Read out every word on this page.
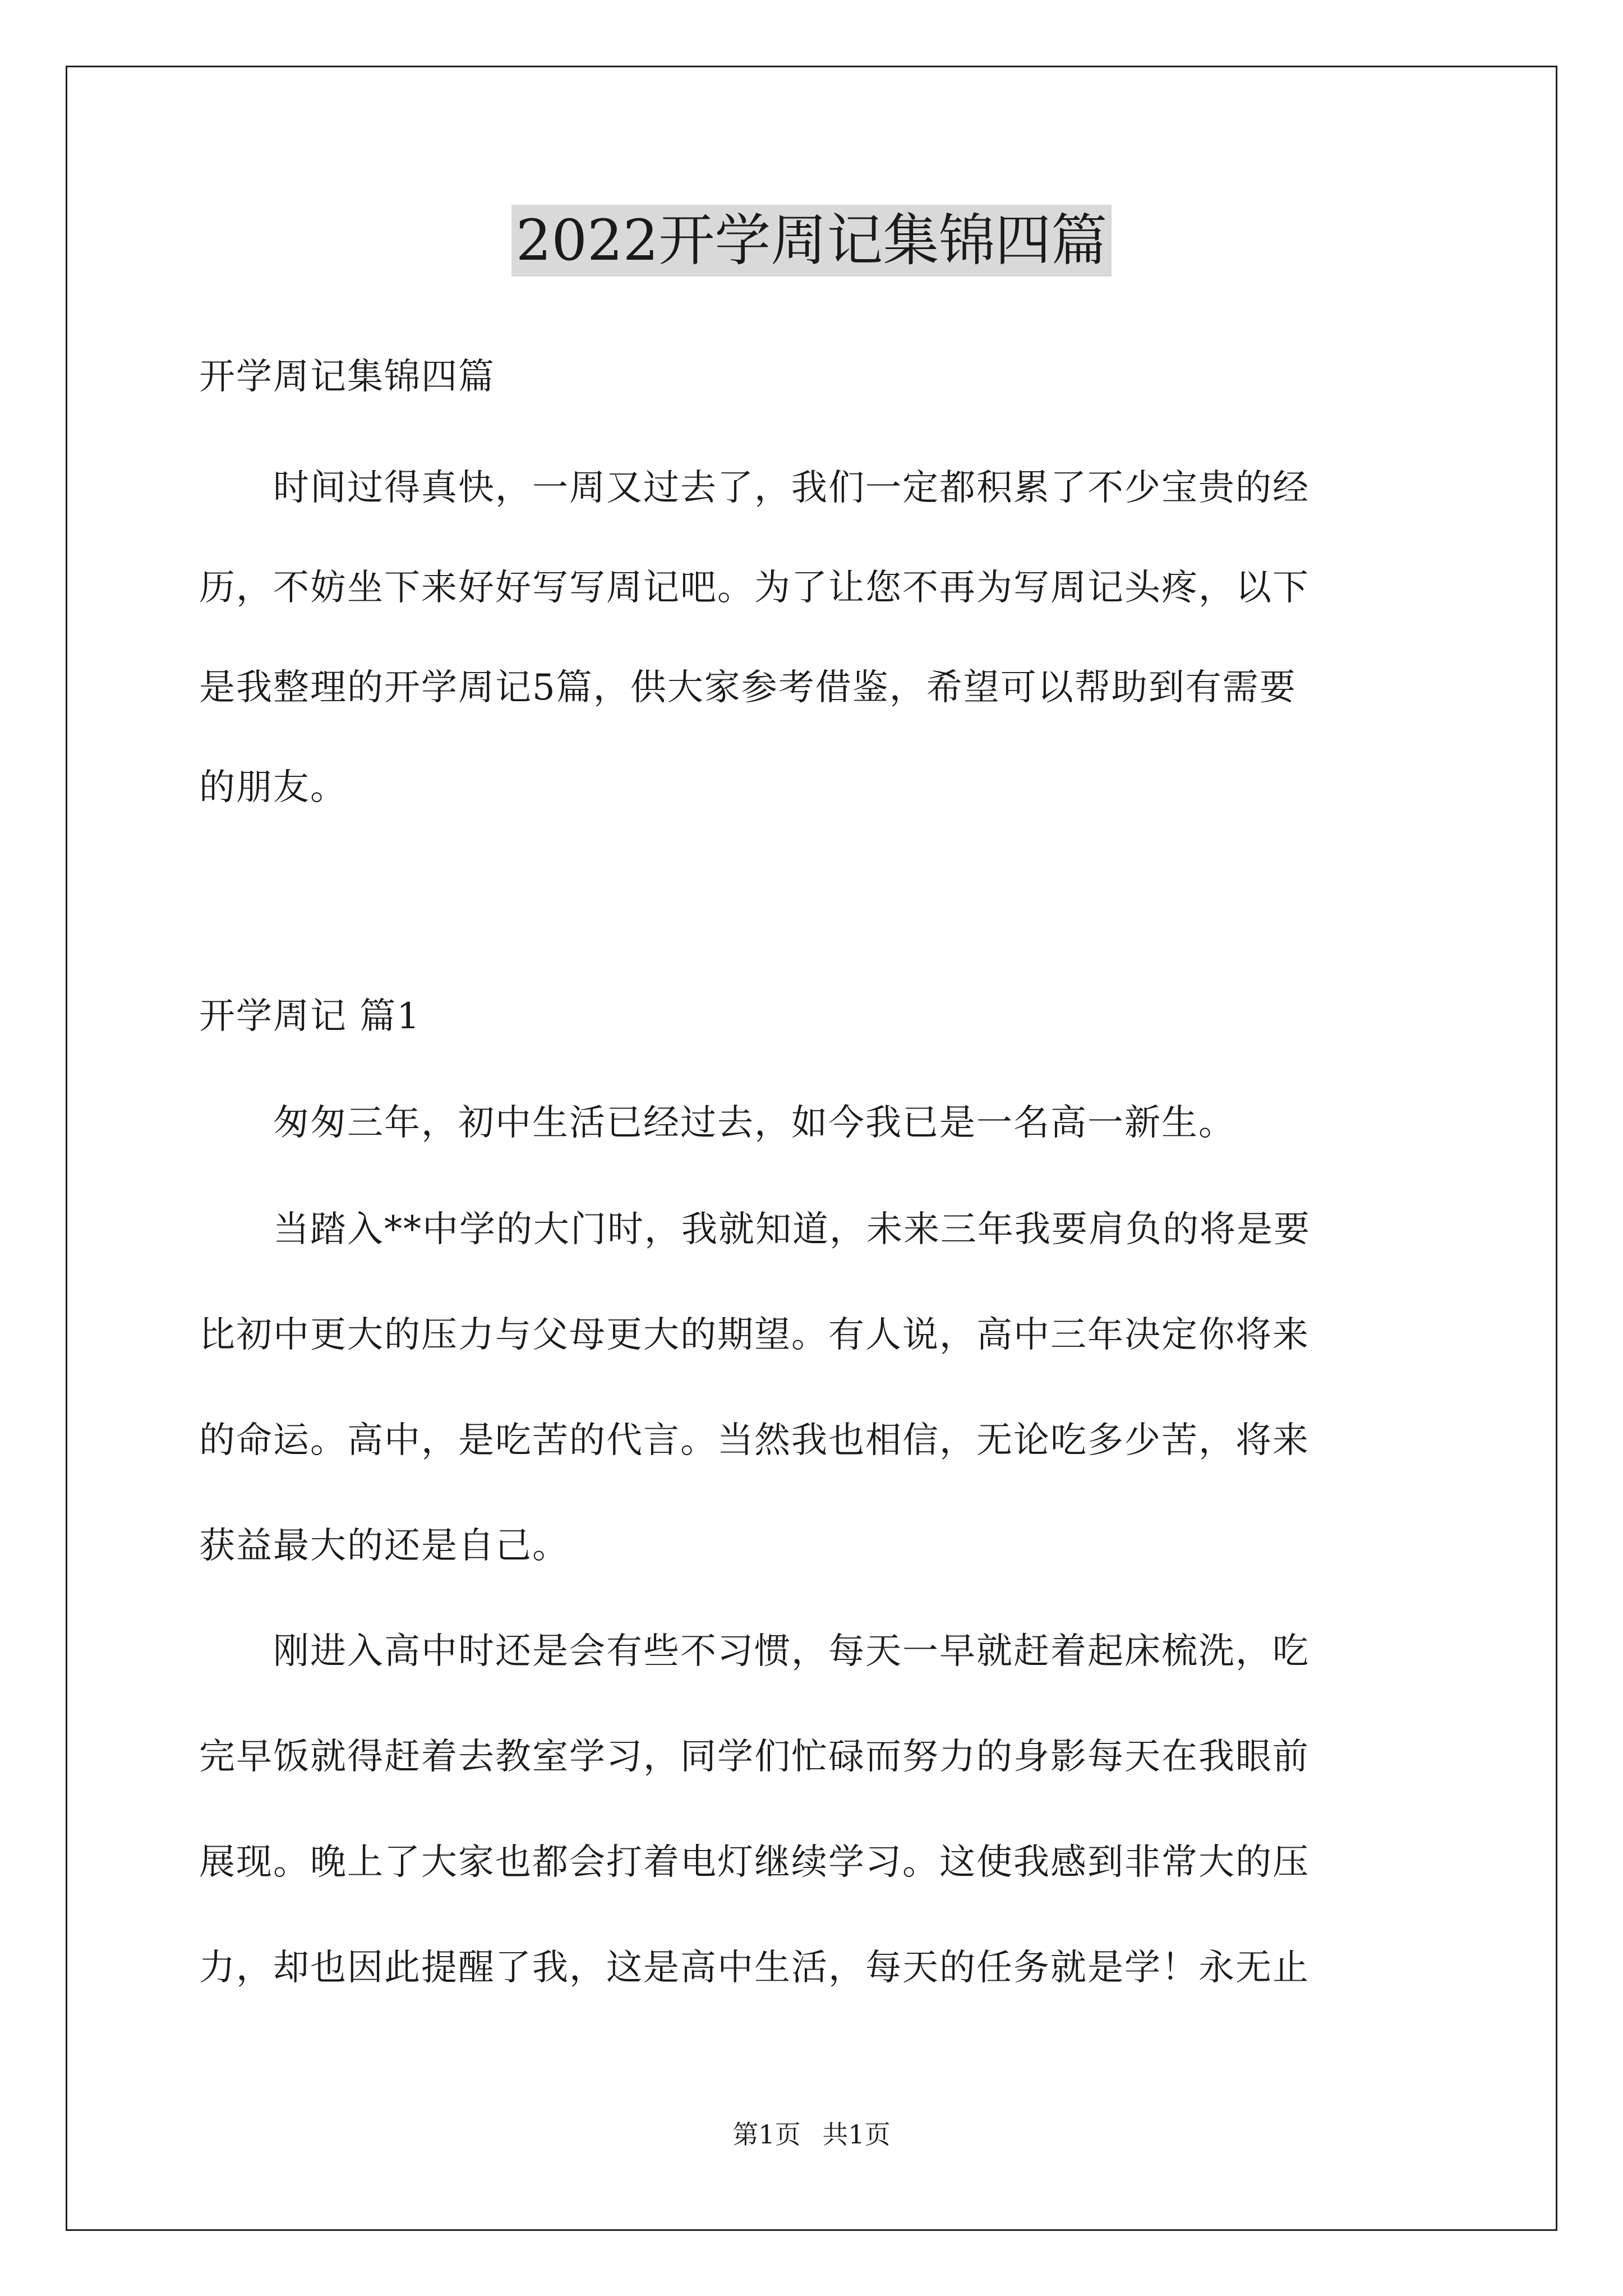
2022开学周记集锦四篇
开学周记集锦四篇
　　时间过得真快，一周又过去了，我们一定都积累了不少宝贵的经
历，不妨坐下来好好写写周记吧。为了让您不再为写周记头疼，以下
是我整理的开学周记5篇，供大家参考借鉴，希望可以帮助到有需要
的朋友。
开学周记 篇1
　　匆匆三年，初中生活已经过去，如今我已是一名高一新生。
　　当踏入**中学的大门时，我就知道，未来三年我要肩负的将是要
比初中更大的压力与父母更大的期望。有人说，高中三年决定你将来
的命运。高中，是吃苦的代言。当然我也相信，无论吃多少苦，将来
获益最大的还是自己。
　　刚进入高中时还是会有些不习惯，每天一早就赶着起床梳洗，吃
完早饭就得赶着去教室学习，同学们忙碌而努力的身影每天在我眼前
展现。晚上了大家也都会打着电灯继续学习。这使我感到非常大的压
力，却也因此提醒了我，这是高中生活，每天的任务就是学！永无止
第1页 共1页
